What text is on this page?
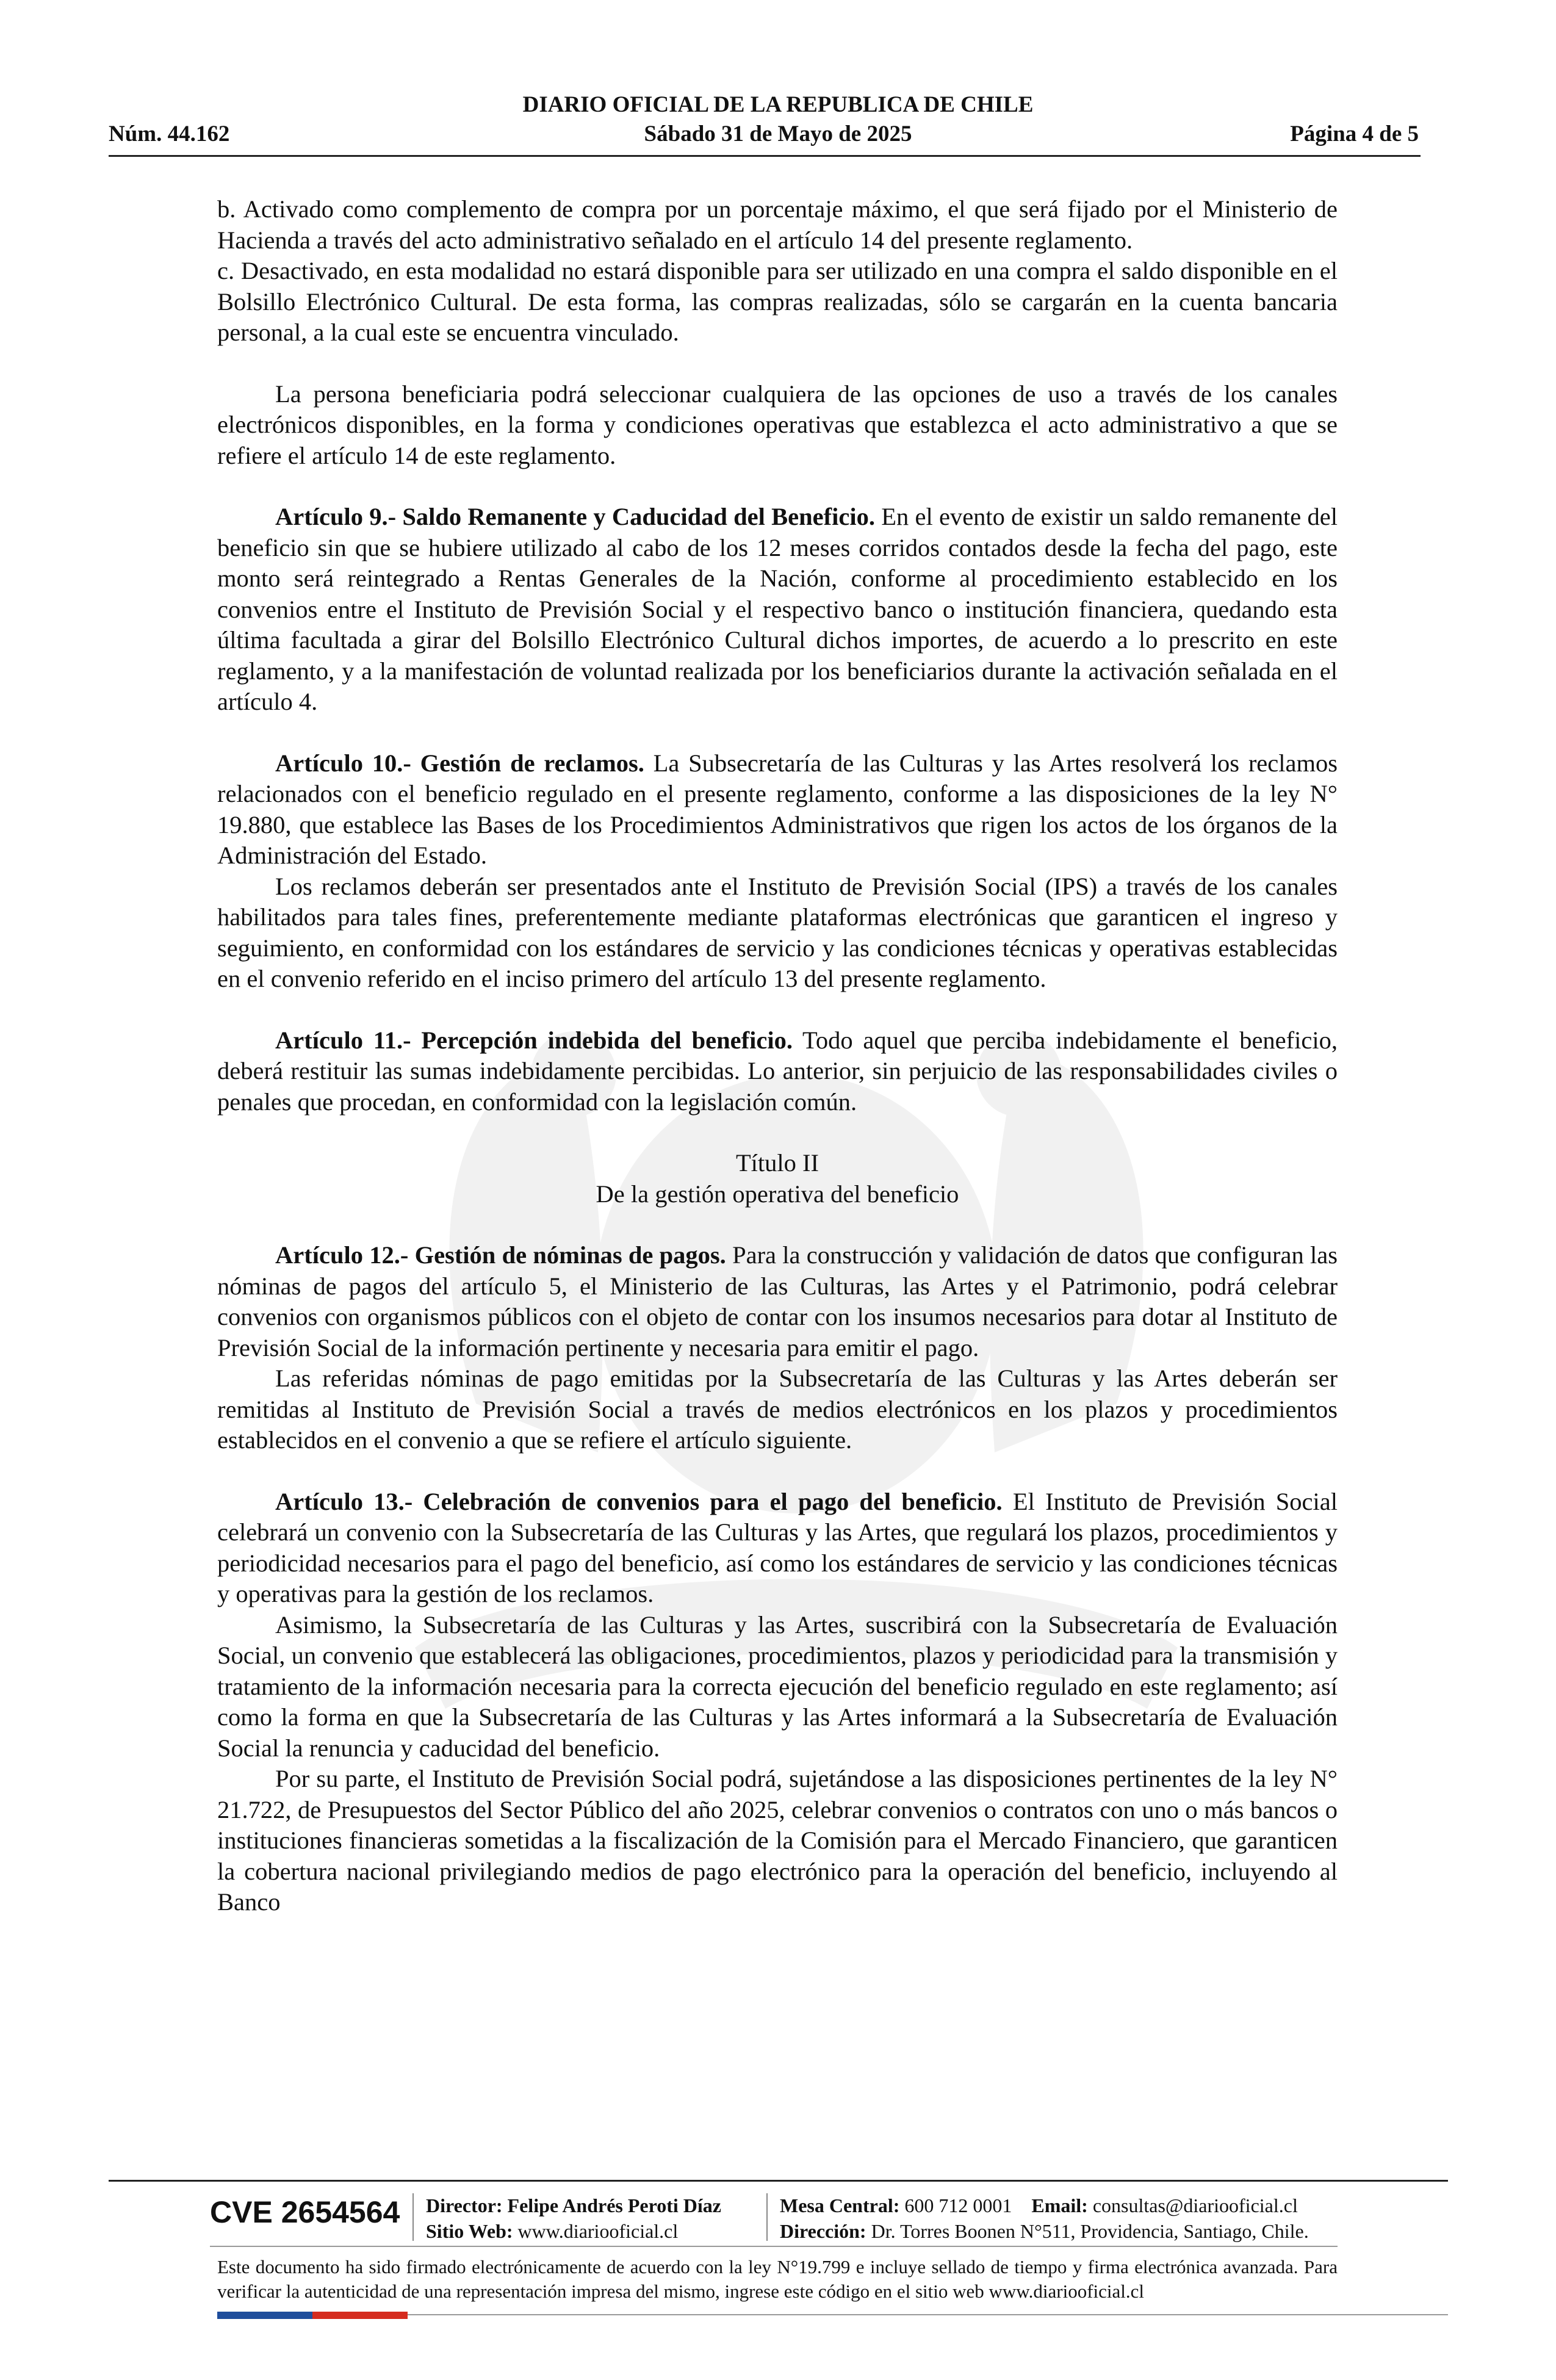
DIARIO OFICIAL DE LA REPUBLICA DE CHILE
Núm. 44.162	Sábado 31 de Mayo de 2025	Página 4 de 5

b. Activado como complemento de compra por un porcentaje máximo, el que será fijado por el Ministerio de Hacienda a través del acto administrativo señalado en el artículo 14 del presente reglamento.

c. Desactivado, en esta modalidad no estará disponible para ser utilizado en una compra el saldo disponible en el Bolsillo Electrónico Cultural. De esta forma, las compras realizadas, sólo se cargarán en la cuenta bancaria personal, a la cual este se encuentra vinculado.

La persona beneficiaria podrá seleccionar cualquiera de las opciones de uso a través de los canales electrónicos disponibles, en la forma y condiciones operativas que establezca el acto administrativo a que se refiere el artículo 14 de este reglamento.

Artículo 9.- Saldo Remanente y Caducidad del Beneficio. En el evento de existir un saldo remanente del beneficio sin que se hubiere utilizado al cabo de los 12 meses corridos contados desde la fecha del pago, este monto será reintegrado a Rentas Generales de la Nación, conforme al procedimiento establecido en los convenios entre el Instituto de Previsión Social y el respectivo banco o institución financiera, quedando esta última facultada a girar del Bolsillo Electrónico Cultural dichos importes, de acuerdo a lo prescrito en este reglamento, y a la manifestación de voluntad realizada por los beneficiarios durante la activación señalada en el artículo 4.

Artículo 10.- Gestión de reclamos. La Subsecretaría de las Culturas y las Artes resolverá los reclamos relacionados con el beneficio regulado en el presente reglamento, conforme a las disposiciones de la ley N° 19.880, que establece las Bases de los Procedimientos Administrativos que rigen los actos de los órganos de la Administración del Estado.

Los reclamos deberán ser presentados ante el Instituto de Previsión Social (IPS) a través de los canales habilitados para tales fines, preferentemente mediante plataformas electrónicas que garanticen el ingreso y seguimiento, en conformidad con los estándares de servicio y las condiciones técnicas y operativas establecidas en el convenio referido en el inciso primero del artículo 13 del presente reglamento.

Artículo 11.- Percepción indebida del beneficio. Todo aquel que perciba indebidamente el beneficio, deberá restituir las sumas indebidamente percibidas. Lo anterior, sin perjuicio de las responsabilidades civiles o penales que procedan, en conformidad con la legislación común.

Título II

De la gestión operativa del beneficio

Artículo 12.- Gestión de nóminas de pagos. Para la construcción y validación de datos que configuran las nóminas de pagos del artículo 5, el Ministerio de las Culturas, las Artes y el Patrimonio, podrá celebrar convenios con organismos públicos con el objeto de contar con los insumos necesarios para dotar al Instituto de Previsión Social de la información pertinente y necesaria para emitir el pago.

Las referidas nóminas de pago emitidas por la Subsecretaría de las Culturas y las Artes deberán ser remitidas al Instituto de Previsión Social a través de medios electrónicos en los plazos y procedimientos establecidos en el convenio a que se refiere el artículo siguiente.

Artículo 13.- Celebración de convenios para el pago del beneficio. El Instituto de Previsión Social celebrará un convenio con la Subsecretaría de las Culturas y las Artes, que regulará los plazos, procedimientos y periodicidad necesarios para el pago del beneficio, así como los estándares de servicio y las condiciones técnicas y operativas para la gestión de los reclamos.

Asimismo, la Subsecretaría de las Culturas y las Artes, suscribirá con la Subsecretaría de Evaluación Social, un convenio que establecerá las obligaciones, procedimientos, plazos y periodicidad para la transmisión y tratamiento de la información necesaria para la correcta ejecución del beneficio regulado en este reglamento; así como la forma en que la Subsecretaría de las Culturas y las Artes informará a la Subsecretaría de Evaluación Social la renuncia y caducidad del beneficio.

Por su parte, el Instituto de Previsión Social podrá, sujetándose a las disposiciones pertinentes de la ley N° 21.722, de Presupuestos del Sector Público del año 2025, celebrar convenios o contratos con uno o más bancos o instituciones financieras sometidas a la fiscalización de la Comisión para el Mercado Financiero, que garanticen la cobertura nacional privilegiando medios de pago electrónico para la operación del beneficio, incluyendo al Banco

CVE 2654564 Director: Felipe Andrés Peroti Díaz
Sitio Web: www.diariooficial.cl
Mesa Central: 600 712 0001 Email: consultas@diariooficial.cl
Dirección: Dr. Torres Boonen N°511, Providencia, Santiago, Chile.
Este documento ha sido firmado electrónicamente de acuerdo con la ley N°19.799 e incluye sellado de tiempo y firma electrónica avanzada. Para verificar la autenticidad de una representación impresa del mismo, ingrese este código en el sitio web www.diariooficial.cl
